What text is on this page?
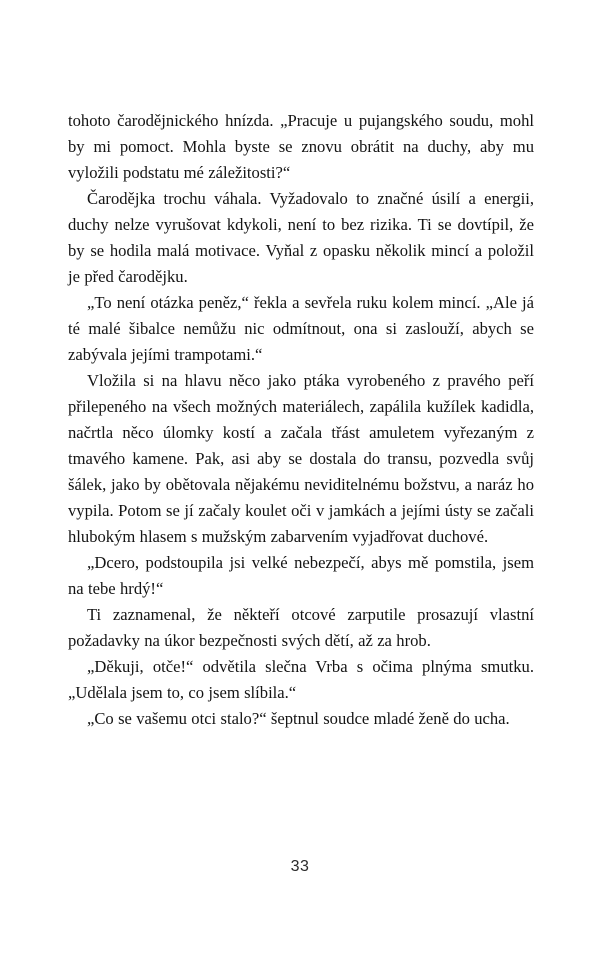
tohoto čarodějnického hnízda. „Pracuje u pujangského soudu, mohl by mi pomoct. Mohla byste se znovu obrátit na duchy, aby mu vyložili podstatu mé záležitosti?“

Čarodějka trochu váhala. Vyžadovalo to značné úsilí a energii, duchy nelze vyrušovat kdykoli, není to bez rizika. Ti se dovtípil, že by se hodila malá motivace. Vyňal z opasku několik mincí a položil je před čarodějku.

„To není otázka peněz,“ řekla a sevřela ruku kolem mincí. „Ale já té malé šibalce nemůžu nic odmítnout, ona si zaslouží, abych se zabývala jejími trampotami.“

Vložila si na hlavu něco jako ptáka vyrobeného z pravého peří přilepeného na všech možných materiálech, zapálila kužílek kadidla, načrtla něco úlomky kostí a začala třást amuletem vyřezaným z tmavého kamene. Pak, asi aby se dostala do transu, pozvedla svůj šálek, jako by obětovala nějakému neviditelnému božstvu, a naráz ho vypila. Potom se jí začaly koulet oči v jamkách a jejími ústy se začali hlubokým hlasem s mužským zabarvením vyjadřovat duchové.

„Dcero, podstoupila jsi velké nebezpečí, abys mě pomstila, jsem na tebe hrdý!“

Ti zaznamenal, že někteří otcové zarputile prosazují vlastní požadavky na úkor bezpečnosti svých dětí, až za hrob.

„Děkuji, otče!“ odvětila slečna Vrba s očima plnýma smutku. „Udělala jsem to, co jsem slíbila.“

„Co se vašemu otci stalo?“ šeptnul soudce mladé ženě do ucha.

33
